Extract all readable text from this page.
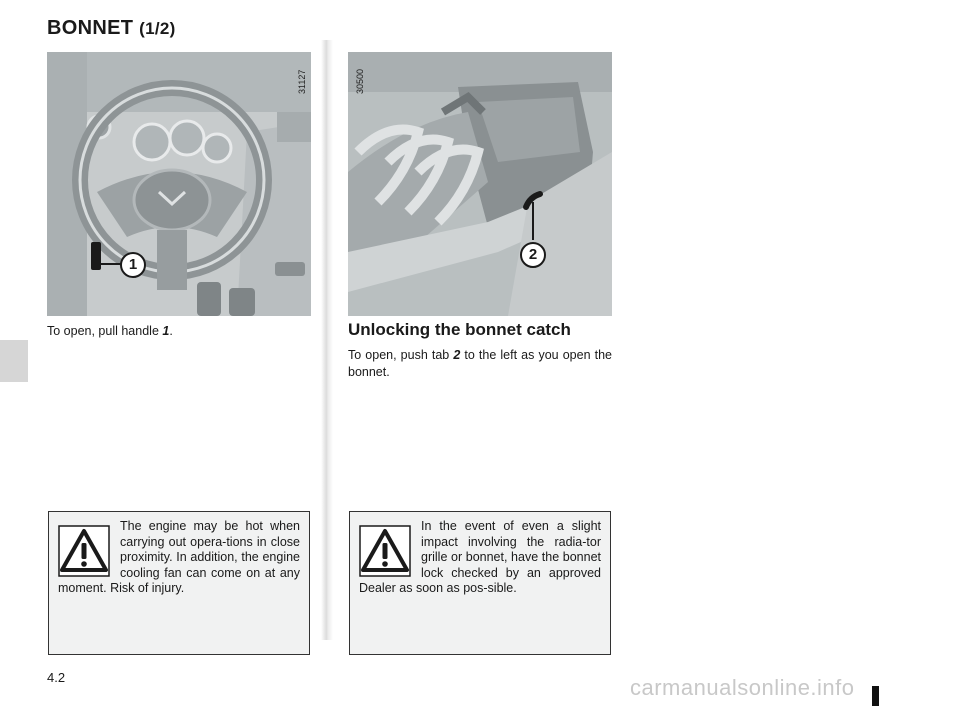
BONNET (1/2)
31127
1
30500
2
To open, pull handle 1.	Unlocking the bonnet catch
To open, push tab 2 to the left as you open the bonnet.

The engine may be hot when carrying out opera-tions in close proximity. In addition, the engine cooling fan can come on at any moment. Risk of injury.

In the event of even a slight impact involving the radia-tor grille or bonnet, have the bonnet lock checked by an approved Dealer as soon as pos-sible.

4.2	carmanualsonline.info
